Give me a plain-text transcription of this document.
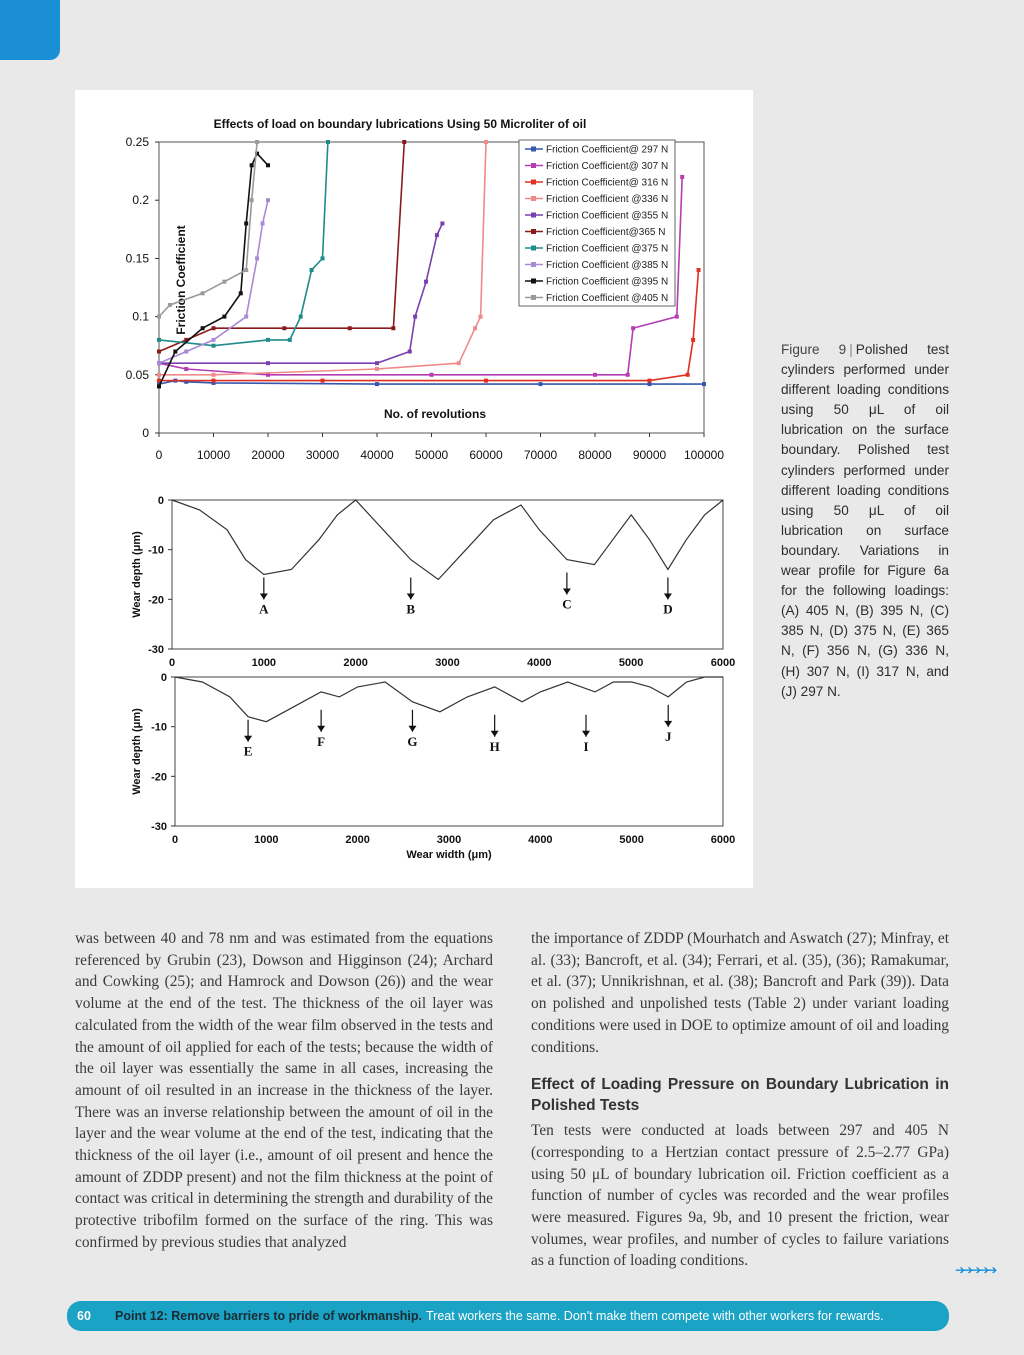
Effects of load on boundary lubrications Using 50 Microliter of oil
0
0.05
0.1
0.15
0.2
0.25
0	10000 20000 30000 40000 50000 60000 70000 80000 90000 100000
Friction Coefficient
No. of revolutions
Friction Coefficient@ 297 N
Friction Coefficient@ 307 N
Friction Coefficient@ 316 N
Friction Coefficient @336 N
Friction Coefficient @355 N
Friction Coefficient@365 N
Friction Coefficient @375 N
Friction Coefficient @385 N
Friction Coefficient @395 N
Friction Coefficient @405 N
0
-10
-20
-30
0	1000	2000	3000	4000	5000	6000
Wear depth (μm)	A	B	C	D
0
-10
-20
-30
0	1000	2000	3000	4000	5000	6000
Wear depth (μm)
Wear width (μm)
E
F	G	H	I
J
Figure 9 | Polished test cylinders performed under different loading conditions using 50 μL of oil lubrication on the surface boundary. Polished test cylinders performed under different loading conditions using 50 μL of oil lubrication on surface boundary. Variations in wear profile for Figure 6a for the following loadings: (A) 405 N, (B) 395 N, (C) 385 N, (D) 375 N, (E) 365 N, (F) 356 N, (G) 336 N, (H) 307 N, (I) 317 N, and (J) 297 N.

was between 40 and 78 nm and was estimated from the equations referenced by Grubin (23), Dowson and Higginson (24); Archard and Cowking (25); and Hamrock and Dowson (26)) and the wear volume at the end of the test. The thickness of the oil layer was calculated from the width of the wear film observed in the tests and the amount of oil applied for each of the tests; because the width of the oil layer was essentially the same in all cases, increasing the amount of oil resulted in an increase in the thickness of the layer. There was an inverse relationship between the amount of oil in the layer and the wear volume at the end of the test, indicating that the thickness of the oil layer (i.e., amount of oil present and hence the amount of ZDDP present) and not the film thickness at the point of contact was critical in determining the strength and durability of the protective tribofilm formed on the surface of the ring. This was confirmed by previous studies that analyzed

the importance of ZDDP (Mourhatch and Aswatch (27); Minfray, et al. (33); Bancroft, et al. (34); Ferrari, et al. (35), (36); Ramakumar, et al. (37); Unnikrishnan, et al. (38); Bancroft and Park (39)). Data on polished and unpolished tests (Table 2) under variant loading conditions were used in DOE to optimize amount of oil and loading conditions.

Effect of Loading Pressure on Boundary Lubrication in Polished Tests

Ten tests were conducted at loads between 297 and 405 N (corresponding to a Hertzian contact pressure of 2.5–2.77 GPa) using 50 μL of boundary lubrication oil. Friction coefficient as a function of number of cycles was recorded and the wear profiles were measured. Figures 9a, 9b, and 10 present the friction, wear volumes, wear profiles, and number of cycles to failure variations as a function of loading conditions.

➔➔➔➔➔
60	Point 12: Remove barriers to pride of workmanship. Treat workers the same. Don't make them compete with other workers for rewards.
